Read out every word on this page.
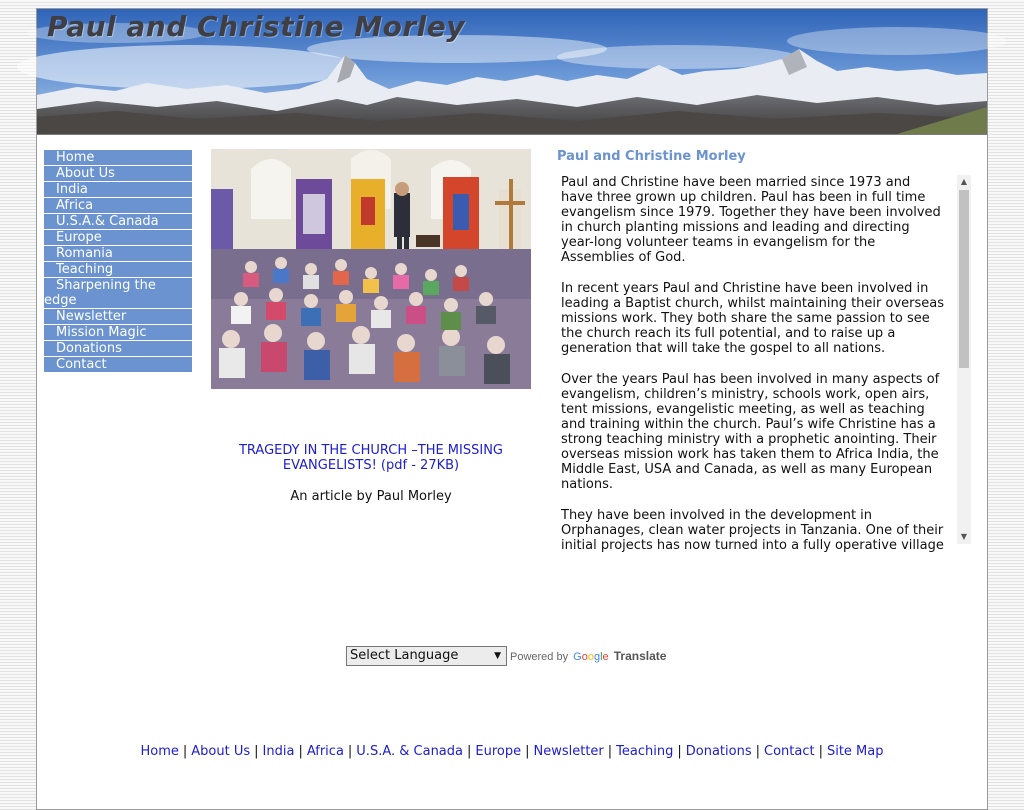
Paul and Christine Morley
Home
About Us
India
Africa
U.S.A.& Canada
Europe
Romania
Teaching
Sharpening the edge
Newsletter
Mission Magic
Donations
Contact
TRAGEDY IN THE CHURCH –THE MISSING EVANGELISTS! (pdf - 27KB)
An article by Paul Morley
Paul and Christine Morley

Paul and Christine have been married since 1973 and have three grown up children. Paul has been in full time evangelism since 1979. Together they have been involved in church planting missions and leading and directing year-long volunteer teams in evangelism for the Assemblies of God.

In recent years Paul and Christine have been involved in leading a Baptist church, whilst maintaining their overseas missions work. They both share the same passion to see the church reach its full potential, and to raise up a generation that will take the gospel to all nations.

Over the years Paul has been involved in many aspects of evangelism, children’s ministry, schools work, open airs, tent missions, evangelistic meeting, as well as teaching and training within the church. Paul’s wife Christine has a strong teaching ministry with a prophetic anointing. Their overseas mission work has taken them to Africa India, the Middle East, USA and Canada, as well as many European nations.

They have been involved in the development in Orphanages, clean water projects in Tanzania. One of their initial projects has now turned into a fully operative village

▲
▼
Select Language	▼ Powered by Google Translate
Home | About Us | India | Africa | U.S.A. & Canada | Europe | Newsletter | Teaching | Donations | Contact | Site Map
